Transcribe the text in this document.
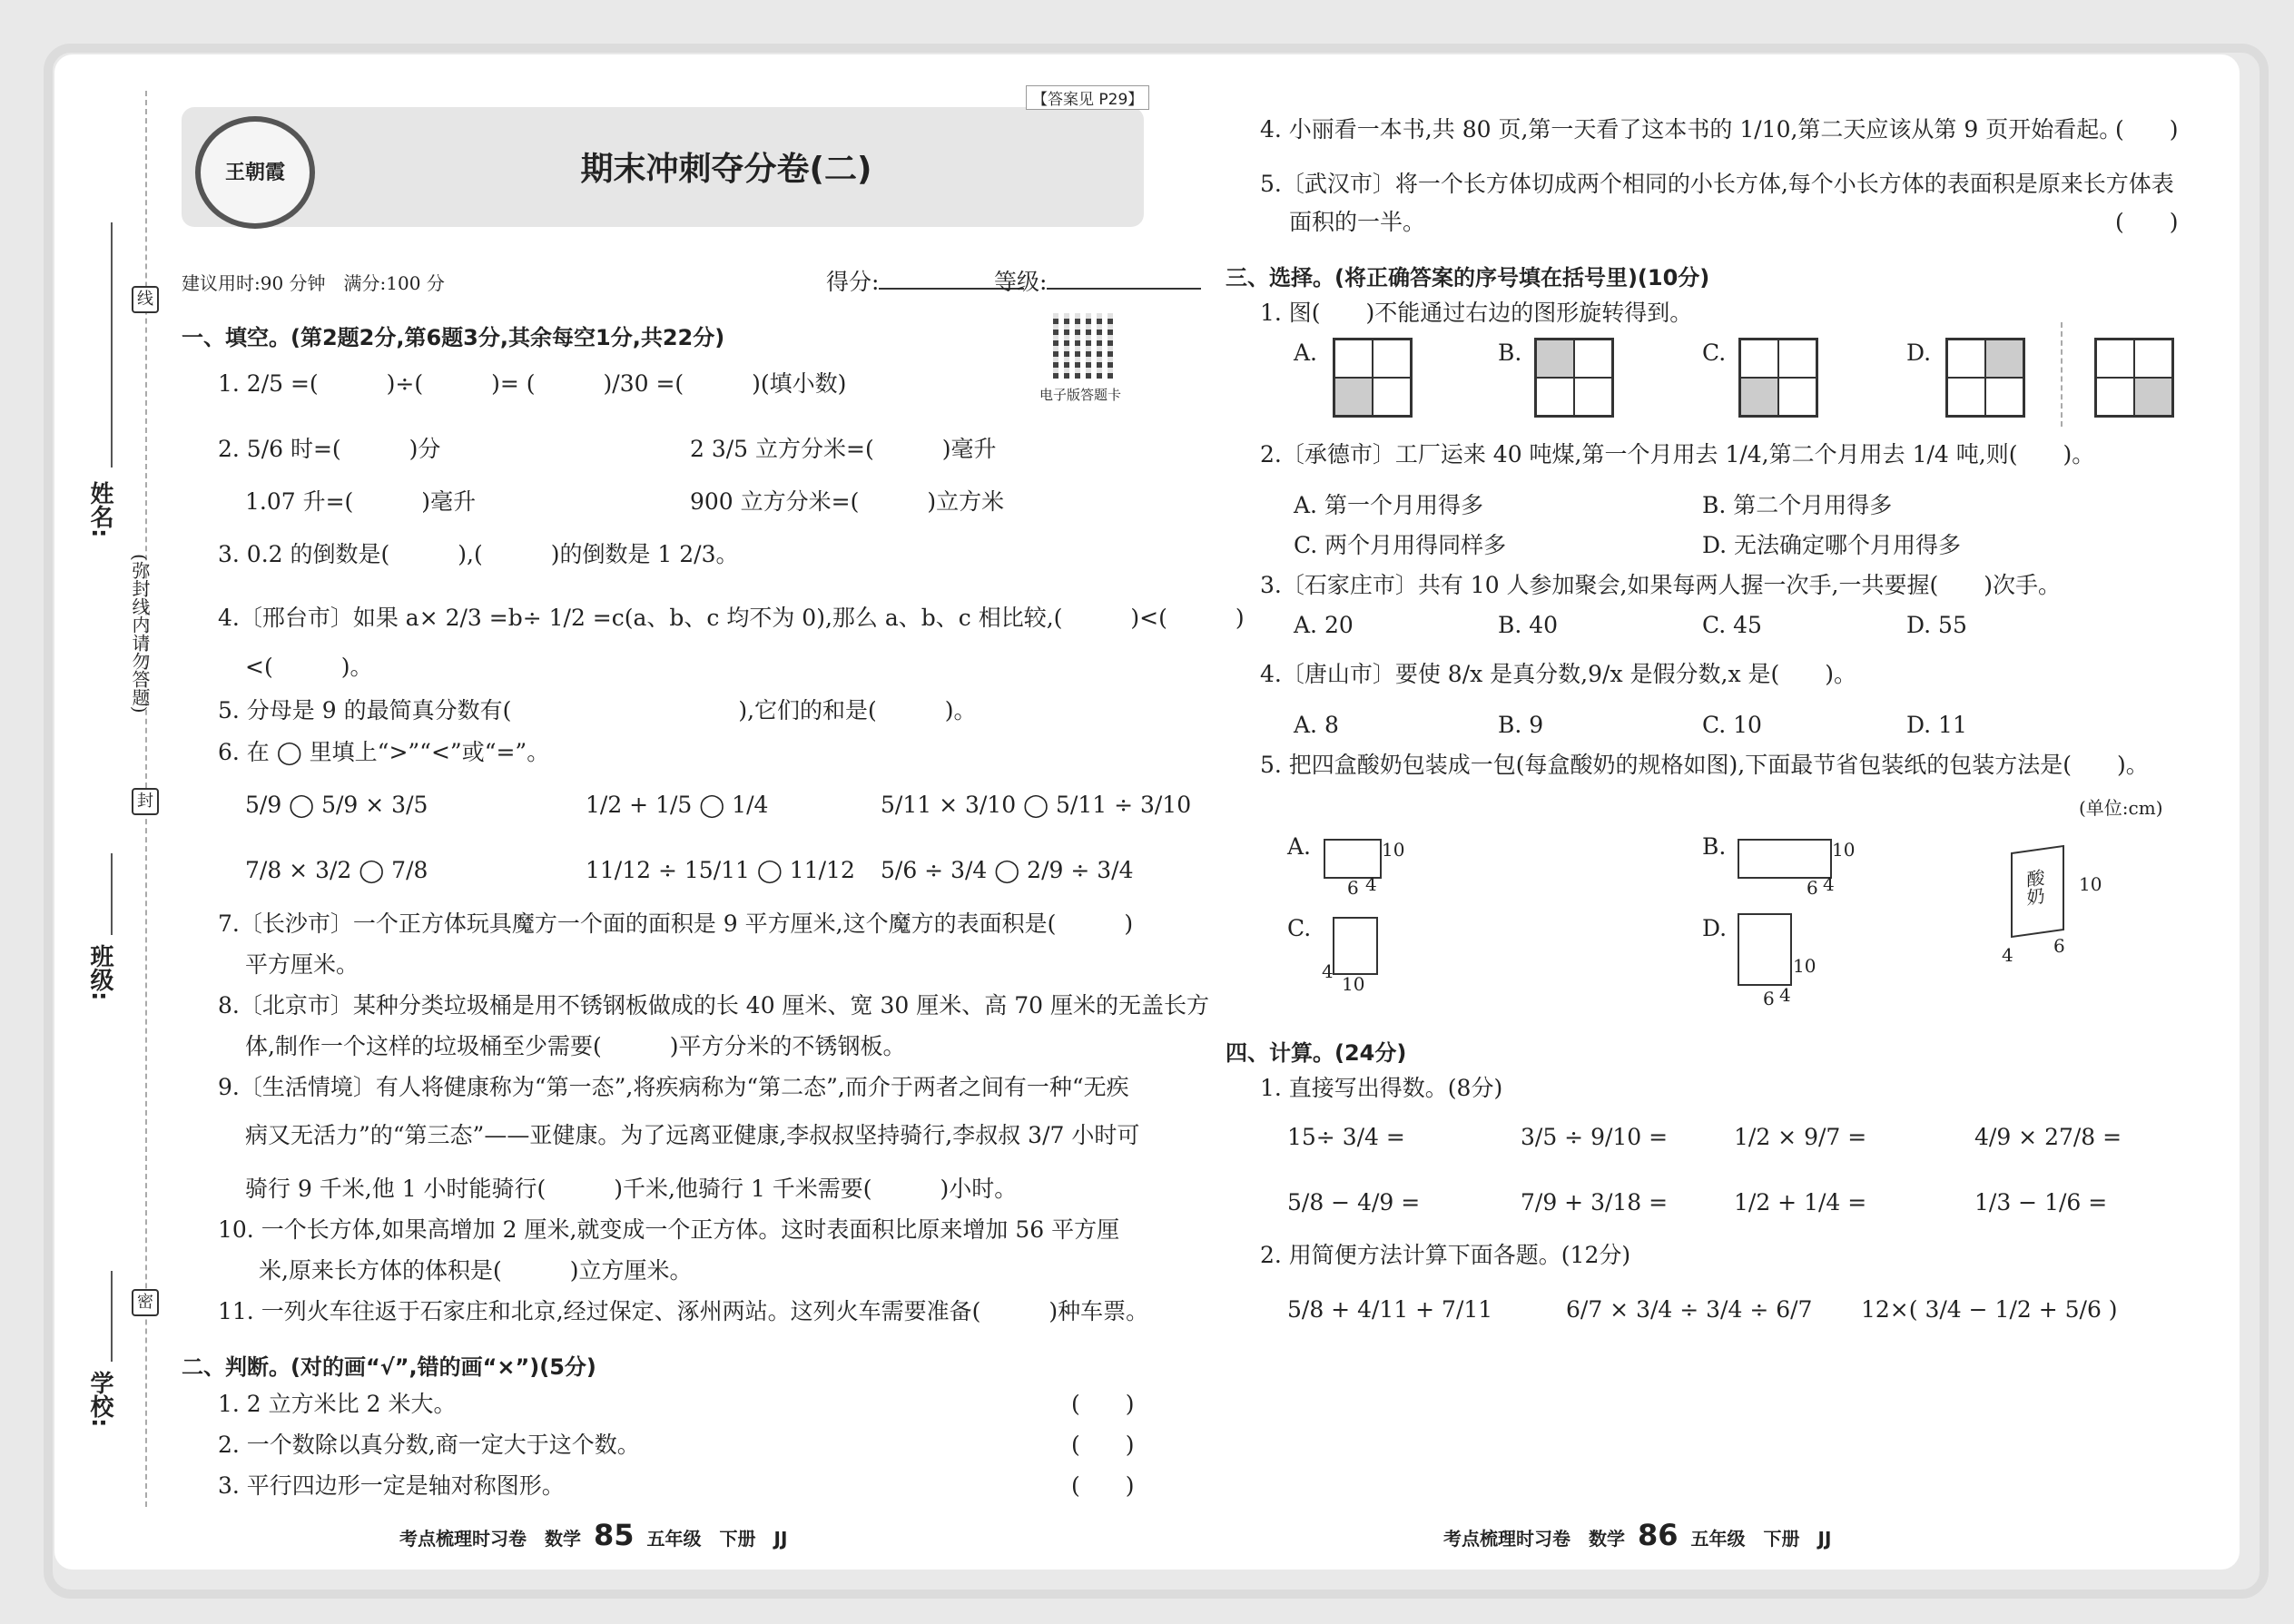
姓名:
班级:
学校:
线
(弥封线内请勿答题)
封
密
王朝霞	期末冲刺夺分卷(二)
【答案见 P29】
建议用时:90 分钟　满分:100 分	得分:	等级:
电子版答题卡
一、填空。(第2题2分,第6题3分,其余每空1分,共22分)
1. 2/5 =(　　　)÷(　　　)= (　　　)/30 =(　　　)(填小数)
2. 5/6 时=(　　　)分	2 3/5 立方分米=(　　　)毫升
1.07 升=(　　　)毫升	900 立方分米=(　　　)立方米
3. 0.2 的倒数是(　　　),(　　　)的倒数是 1 2/3。
4.〔邢台市〕如果 a× 2/3 =b÷ 1/2 =c(a、b、c 均不为 0),那么 a、b、c 相比较,(　　　)<(　　　)
<(　　　)。
5. 分母是 9 的最简真分数有(　　　　　　　　　　),它们的和是(　　　)。
6. 在 ◯ 里填上“>”“<”或“=”。
5/9 ◯ 5/9 × 3/5	1/2 + 1/5 ◯ 1/4	5/11 × 3/10 ◯ 5/11 ÷ 3/10
7/8 × 3/2 ◯ 7/8	11/12 ÷ 15/11 ◯ 11/12 5/6 ÷ 3/4 ◯ 2/9 ÷ 3/4
7.〔长沙市〕一个正方体玩具魔方一个面的面积是 9 平方厘米,这个魔方的表面积是(　　　)
平方厘米。
8.〔北京市〕某种分类垃圾桶是用不锈钢板做成的长 40 厘米、宽 30 厘米、高 70 厘米的无盖长方
体,制作一个这样的垃圾桶至少需要(　　　)平方分米的不锈钢板。
9.〔生活情境〕有人将健康称为“第一态”,将疾病称为“第二态”,而介于两者之间有一种“无疾
病又无活力”的“第三态”——亚健康。为了远离亚健康,李叔叔坚持骑行,李叔叔 3/7 小时可
骑行 9 千米,他 1 小时能骑行(　　　)千米,他骑行 1 千米需要(　　　)小时。
10. 一个长方体,如果高增加 2 厘米,就变成一个正方体。这时表面积比原来增加 56 平方厘
米,原来长方体的体积是(　　　)立方厘米。
11. 一列火车往返于石家庄和北京,经过保定、涿州两站。这列火车需要准备(　　　)种车票。
二、判断。(对的画“√”,错的画“×”)(5分)
1. 2 立方米比 2 米大。	(　　)
2. 一个数除以真分数,商一定大于这个数。	(　　)
3. 平行四边形一定是轴对称图形。	(　　)
考点梳理时习卷　数学 85 五年级　下册　JJ
4. 小丽看一本书,共 80 页,第一天看了这本书的 1/10,第二天应该从第 9 页开始看起。
(　　)
5.〔武汉市〕将一个长方体切成两个相同的小长方体,每个小长方体的表面积是原来长方体表
面积的一半。	(　　)
三、选择。(将正确答案的序号填在括号里)(10分)
1. 图(　　)不能通过右边的图形旋转得到。
A.	B.	C.	D.
2.〔承德市〕工厂运来 40 吨煤,第一个月用去 1/4,第二个月用去 1/4 吨,则(　　)。
A. 第一个月用得多	B. 第二个月用得多
C. 两个月用得同样多	D. 无法确定哪个月用得多
3.〔石家庄市〕共有 10 人参加聚会,如果每两人握一次手,一共要握(　　)次手。
A. 20	B. 40	C. 45	D. 55
4.〔唐山市〕要使 8/x 是真分数,9/x 是假分数,x 是(　　)。
A. 8	B. 9	C. 10	D. 11
5. 把四盒酸奶包装成一包(每盒酸奶的规格如图),下面最节省包装纸的包装方法是(　　)。
(单位:cm)
A.	10
6 4
B.	10
6 4	酸奶 10
4 6
C.
4
10
D.
10
6 4
四、计算。(24分)
1. 直接写出得数。(8分)
15÷ 3/4 =	3/5 ÷ 9/10 =	1/2 × 9/7 =	4/9 × 27/8 =
5/8 − 4/9 =	7/9 + 3/18 =	1/2 + 1/4 =	1/3 − 1/6 =
2. 用简便方法计算下面各题。(12分)
5/8 + 4/11 + 7/11	6/7 × 3/4 ÷ 3/4 ÷ 6/7 12×( 3/4 − 1/2 + 5/6 )
考点梳理时习卷　数学 86 五年级　下册　JJ
